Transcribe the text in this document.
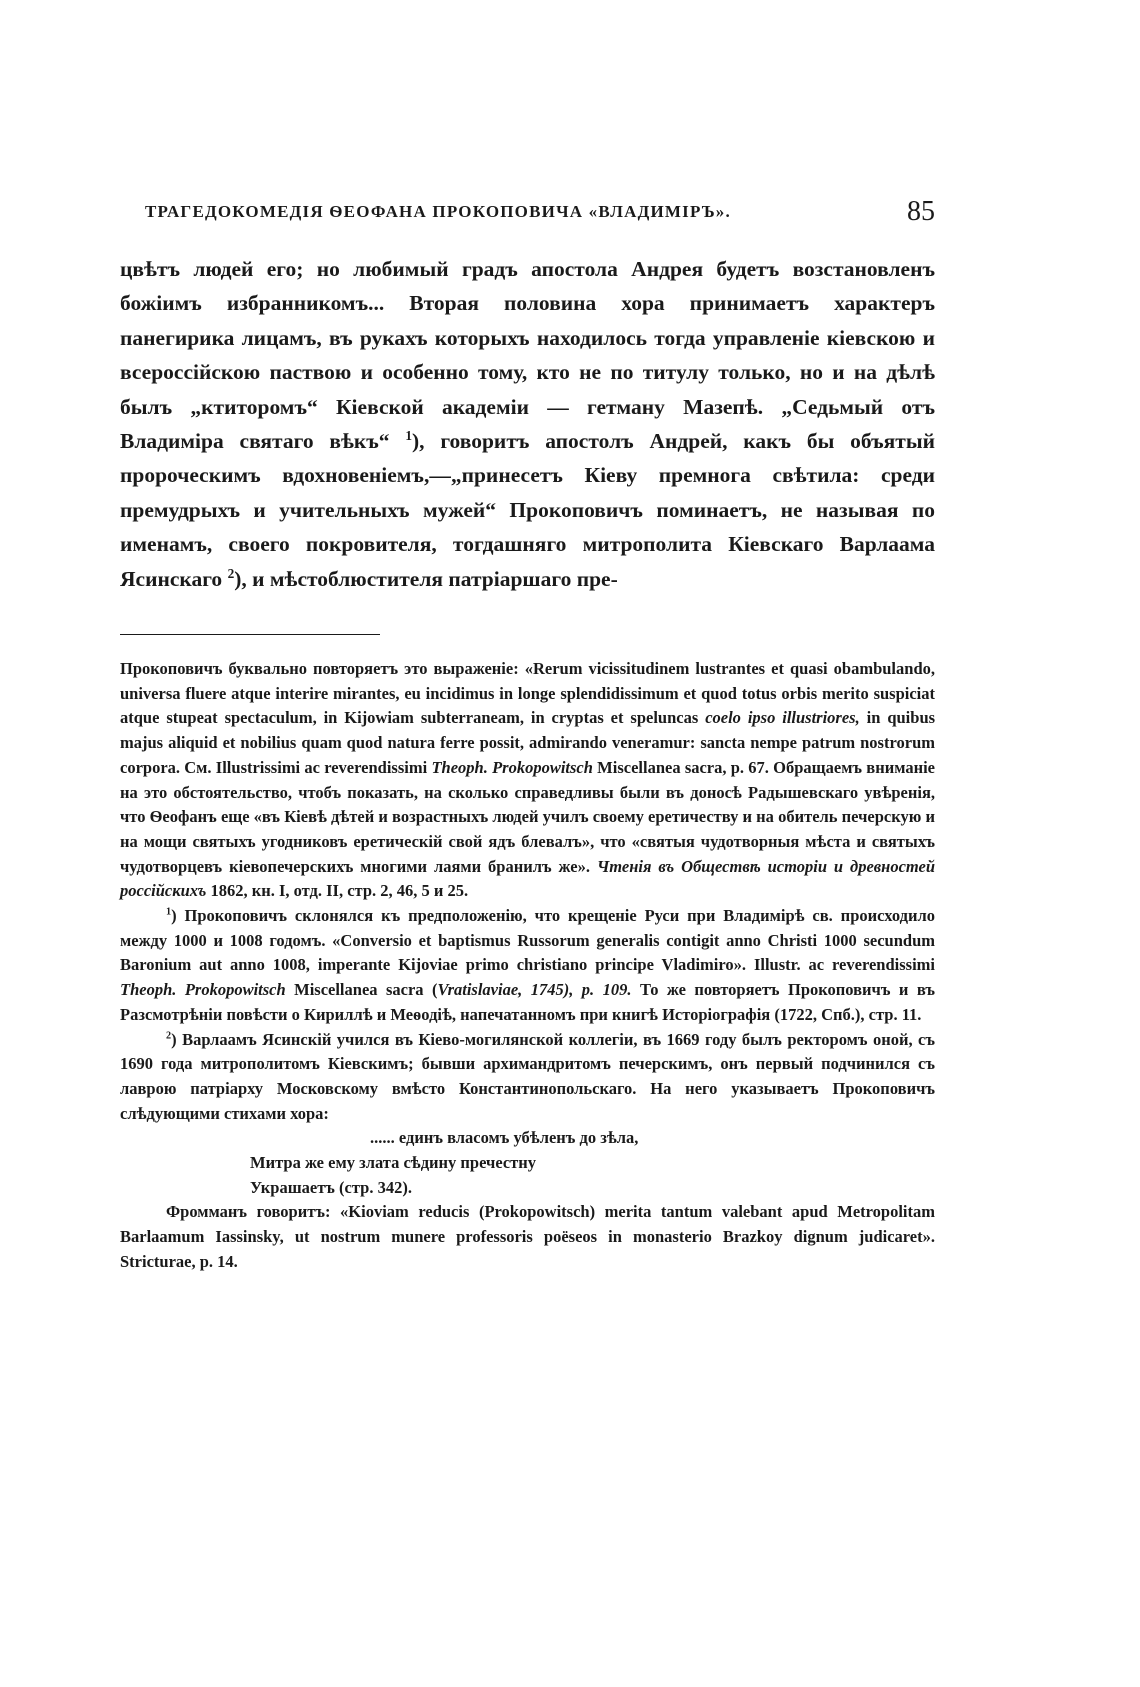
ТРАГЕДОКОМЕДІЯ ѲЕОФАНА ПРОКОПОВИЧА «ВЛАДИМІРЪ».	85

цвѣтъ людей его; но любимый градъ апостола Андрея будетъ возстановленъ божіимъ избранникомъ... Вторая половина хора принимаетъ характеръ панегирика лицамъ, въ рукахъ которыхъ находилось тогда управленіе кіевскою и всероссійскою паствою и особенно тому, кто не по титулу только, но и на дѣлѣ былъ „ктиторомъ“ Кіевской академіи — гетману Мазепѣ. „Седьмый отъ Владиміра святаго вѣкъ“ $^1$), говоритъ апостолъ Андрей, какъ бы объятый пророческимъ вдохновеніемъ,—„принесетъ Кіеву премнога свѣтила: среди премудрыхъ и учительныхъ мужей“ Прокоповичъ поминаетъ, не называя по именамъ, своего покровителя, тогдашняго митрополита Кіевскаго Варлаама Ясинскаго $^2$), и мѣстоблюстителя патріаршаго пре-

Прокоповичъ буквально повторяетъ это выраженіе: «Rerum vicissitudinem lustrantes et quasi obambulando, universa fluere atque interire mirantes, eu incidimus in longe splendidissimum et quod totus orbis merito suspiciat atque stupeat spectaculum, in Kijowiam subterraneam, in cryptas et speluncas coelo ipso illustriores, in quibus majus aliquid et nobilius quam quod natura ferre possit, admirando veneramur: sancta nempe patrum nostrorum corpora. См. Illustrissimi ac reverendissimi Theoph. Prokopowitsch Miscellanea sacra, p. 67. Обращаемъ вниманіе на это обстоятельство, чтобъ показать, на сколько справедливы были въ доносѣ Радышевскаго увѣренія, что Ѳеофанъ еще «въ Кіевѣ дѣтей и возрастныхъ людей училъ своему еретичеству и на обитель печерскую и на мощи святыхъ угодниковъ еретическій свой ядъ блевалъ», что «святыя чудотворныя мѣста и святыхъ чудотворцевъ кіевопечерскихъ многими лаями бранилъ же». Чтенія въ Обществѣ исторіи и древностей россійскихъ 1862, кн. I, отд. II, стр. 2, 46, 5 и 25.

$^1$) Прокоповичъ склонялся къ предположенію, что крещеніе Руси при Владимірѣ св. происходило между 1000 и 1008 годомъ. «Conversio et baptismus Russorum generalis contigit anno Christi 1000 secundum Baronium aut anno 1008, imperante Kijoviae primo christiano principe Vladimiro». Illustr. ac reverendissimi Theoph. Prokopowitsch Miscellanea sacra (Vratislaviae, 1745), p. 109. То же повторяетъ Прокоповичъ и въ Разсмотрѣніи повѣсти о Кириллѣ и Меѳодіѣ, напечатанномъ при книгѣ Исторіографія (1722, Спб.), стр. 11.

$^2$) Варлаамъ Ясинскій учился въ Кіево-могилянской коллегіи, въ 1669 году былъ ректоромъ оной, съ 1690 года митрополитомъ Кіевскимъ; бывши архимандритомъ печерскимъ, онъ первый подчинился съ лаврою патріарху Московскому вмѣсто Константинопольскаго. На него указываетъ Прокоповичъ слѣдующими стихами хора:

...... единъ власомъ убѣленъ до зѣла,
Митра же ему злата сѣдину пречестну
Украшаетъ (стр. 342).

Фромманъ говоритъ: «Kioviam reducis (Prokopowitsch) merita tantum valebant apud Metropolitam Barlaamum Iassinsky, ut nostrum munere professoris poëseos in monasterio Brazkoy dignum judicaret». Stricturae, p. 14.
